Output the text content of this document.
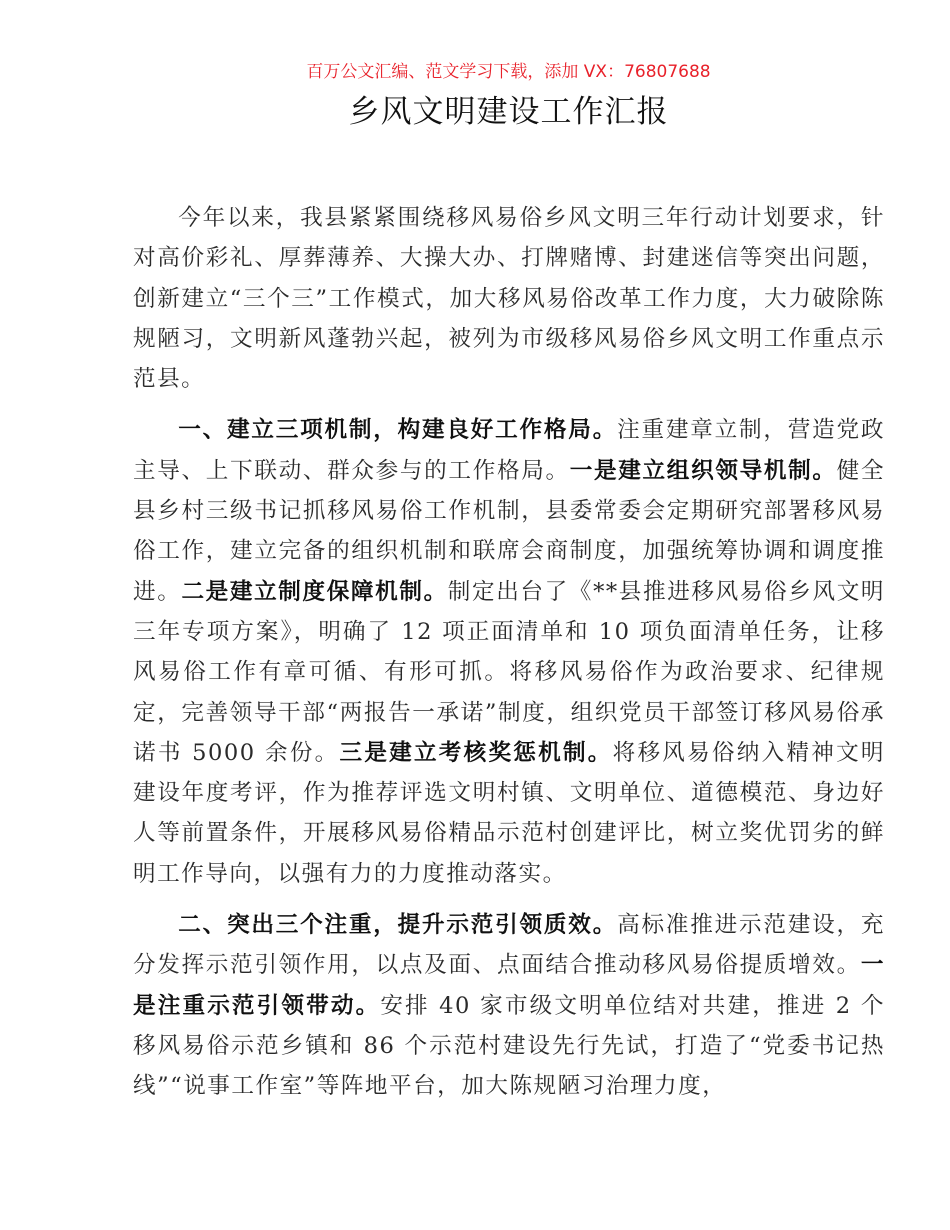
百万公文汇编、范文学习下载，添加 VX：76807688
乡风文明建设工作汇报

今年以来，我县紧紧围绕移风易俗乡风文明三年行动计划要求，针对高价彩礼、厚葬薄养、大操大办、打牌赌博、封建迷信等突出问题，创新建立“三个三”工作模式，加大移风易俗改革工作力度，大力破除陈规陋习，文明新风蓬勃兴起，被列为市级移风易俗乡风文明工作重点示范县。

一、建立三项机制，构建良好工作格局。注重建章立制，营造党政主导、上下联动、群众参与的工作格局。一是建立组织领导机制。健全县乡村三级书记抓移风易俗工作机制，县委常委会定期研究部署移风易俗工作，建立完备的组织机制和联席会商制度，加强统筹协调和调度推进。二是建立制度保障机制。制定出台了《**县推进移风易俗乡风文明三年专项方案》，明确了 12 项正面清单和 10 项负面清单任务，让移风易俗工作有章可循、有形可抓。将移风易俗作为政治要求、纪律规定，完善领导干部“两报告一承诺”制度，组织党员干部签订移风易俗承诺书 5000 余份。三是建立考核奖惩机制。将移风易俗纳入精神文明建设年度考评，作为推荐评选文明村镇、文明单位、道德模范、身边好人等前置条件，开展移风易俗精品示范村创建评比，树立奖优罚劣的鲜明工作导向，以强有力的力度推动落实。

二、突出三个注重，提升示范引领质效。高标准推进示范建设，充分发挥示范引领作用，以点及面、点面结合推动移风易俗提质增效。一是注重示范引领带动。安排 40 家市级文明单位结对共建，推进 2 个移风易俗示范乡镇和 86 个示范村建设先行先试，打造了“党委书记热线”“说事工作室”等阵地平台，加大陈规陋习治理力度，
